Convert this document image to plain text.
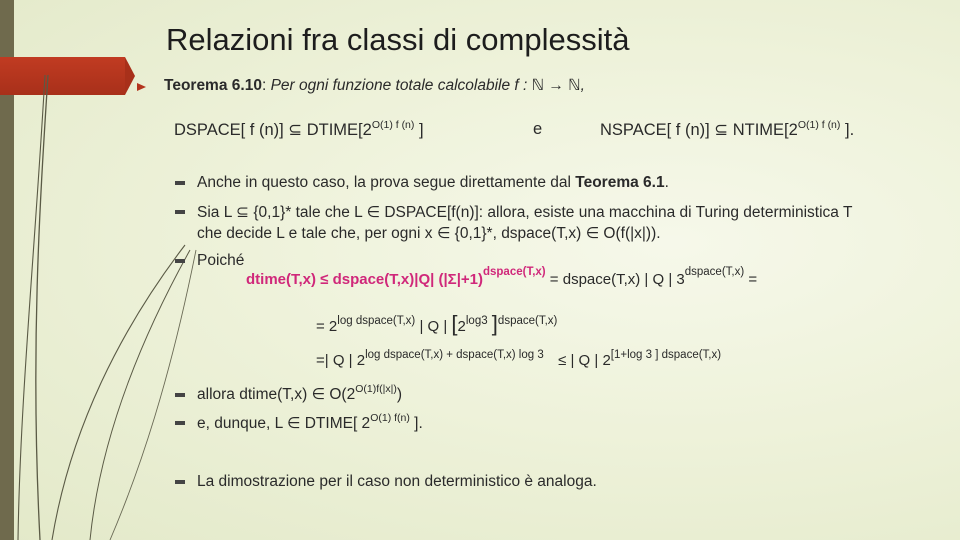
Relazioni fra classi di complessità
Teorema 6.10: Per ogni funzione totale calcolabile f : ℕ → ℕ,
DSPACE[ f (n)] ⊆ $DTIME[2^{O(1) f (n)}$ ]	e	NSPACE[ f (n)] ⊆ $NTIME[2^{O(1) f (n)}$ ].
Anche in questo caso, la prova segue direttamente dal Teorema 6.1.
Sia L ⊆ {0,1}* tale che L ∈ DSPACE[f(n)]: allora, esiste una macchina di Turing deterministica T
che decide L e tale che, per ogni x ∈ {0,1}*, dspace(T,x) ∈ O(f(|x|)).
Poiché
dtime(T,x) ≤ dspace(T,x)|Q| $(|\Sigma|+1)^{dspace(T,x)}$ = dspace(T,x) | Q | $3^{dspace(T,x)}$ =
= $2^{log dspace(T,x)}$ | Q | [$2^{log3}$ ]$^{dspace(T,x)}$
=| Q | $2^{log dspace(T,x) + dspace(T,x) log 3}$ ≤ | Q | $2^{[1+log 3 ] dspace(T,x)}$
allora dtime(T,x) ∈ $O(2^{O(1)f(|x|)})$
e, dunque, L ∈ DTIME[ $2^{O(1) f(n)}$ ].
La dimostrazione per il caso non deterministico è analoga.
